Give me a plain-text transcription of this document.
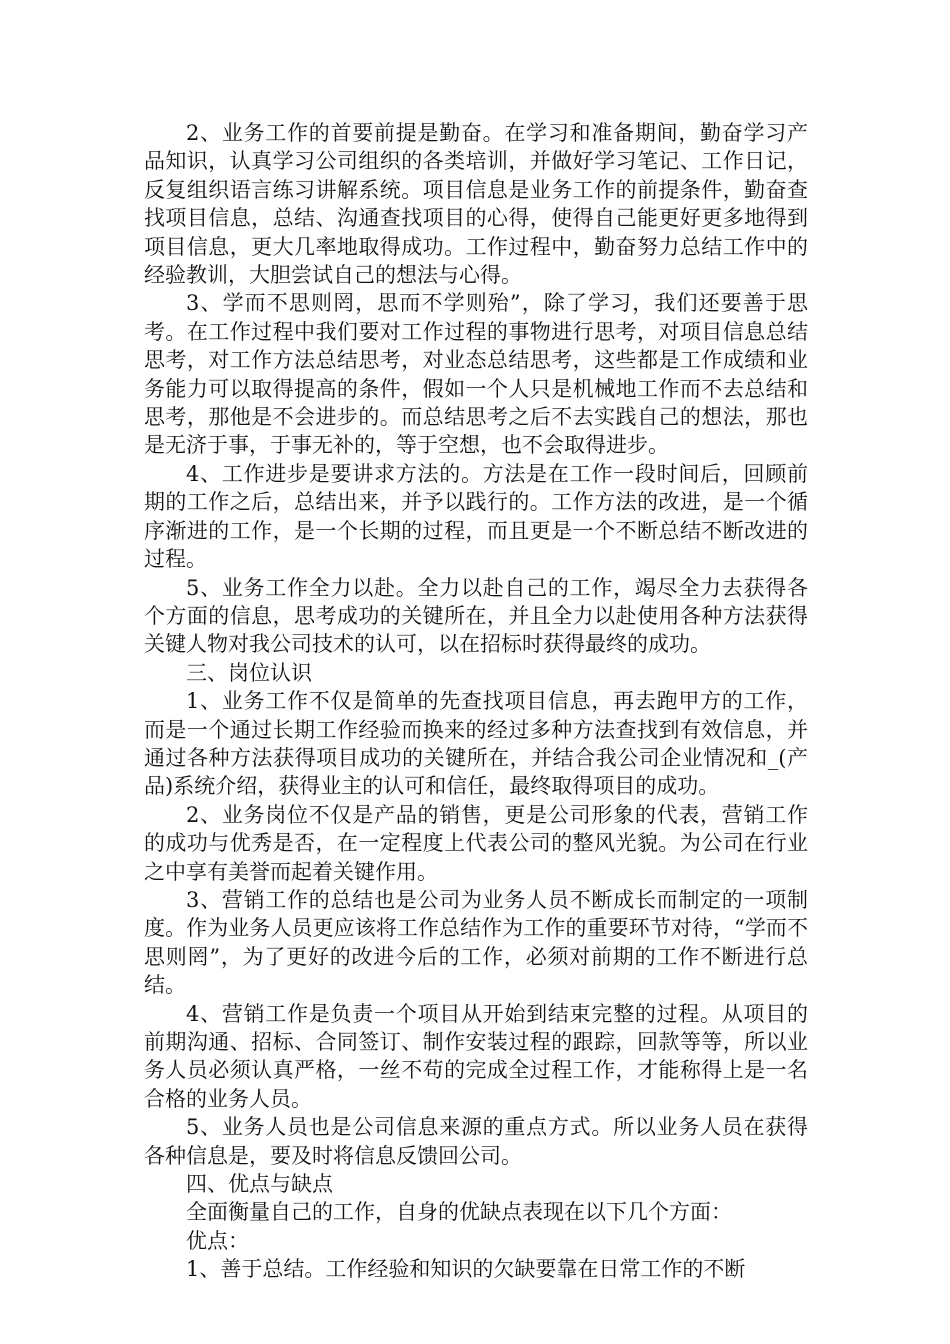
2、业务工作的首要前提是勤奋。在学习和准备期间，勤奋学习产品知识，认真学习公司组织的各类培训，并做好学习笔记、工作日记，反复组织语言练习讲解系统。项目信息是业务工作的前提条件，勤奋查找项目信息，总结、沟通查找项目的心得，使得自己能更好更多地得到项目信息，更大几率地取得成功。工作过程中，勤奋努力总结工作中的经验教训，大胆尝试自己的想法与心得。

3、学而不思则罔，思而不学则殆”，除了学习，我们还要善于思考。在工作过程中我们要对工作过程的事物进行思考，对项目信息总结思考，对工作方法总结思考，对业态总结思考，这些都是工作成绩和业务能力可以取得提高的条件，假如一个人只是机械地工作而不去总结和思考，那他是不会进步的。而总结思考之后不去实践自己的想法，那也是无济于事，于事无补的，等于空想，也不会取得进步。

4、工作进步是要讲求方法的。方法是在工作一段时间后，回顾前期的工作之后，总结出来，并予以践行的。工作方法的改进，是一个循序渐进的工作，是一个长期的过程，而且更是一个不断总结不断改进的过程。

5、业务工作全力以赴。全力以赴自己的工作，竭尽全力去获得各个方面的信息，思考成功的关键所在，并且全力以赴使用各种方法获得关键人物对我公司技术的认可，以在招标时获得最终的成功。

三、岗位认识

1、业务工作不仅是简单的先查找项目信息，再去跑甲方的工作，而是一个通过长期工作经验而换来的经过多种方法查找到有效信息，并通过各种方法获得项目成功的关键所在，并结合我公司企业情况和_(产品)系统介绍，获得业主的认可和信任，最终取得项目的成功。

2、业务岗位不仅是产品的销售，更是公司形象的代表，营销工作的成功与优秀是否，在一定程度上代表公司的整风光貌。为公司在行业之中享有美誉而起着关键作用。

3、营销工作的总结也是公司为业务人员不断成长而制定的一项制度。作为业务人员更应该将工作总结作为工作的重要环节对待，“学而不思则罔”，为了更好的改进今后的工作，必须对前期的工作不断进行总结。

4、营销工作是负责一个项目从开始到结束完整的过程。从项目的前期沟通、招标、合同签订、制作安装过程的跟踪，回款等等，所以业务人员必须认真严格，一丝不苟的完成全过程工作，才能称得上是一名合格的业务人员。

5、业务人员也是公司信息来源的重点方式。所以业务人员在获得各种信息是，要及时将信息反馈回公司。

四、优点与缺点

全面衡量自己的工作，自身的优缺点表现在以下几个方面：

优点：

1、善于总结。工作经验和知识的欠缺要靠在日常工作的不断
